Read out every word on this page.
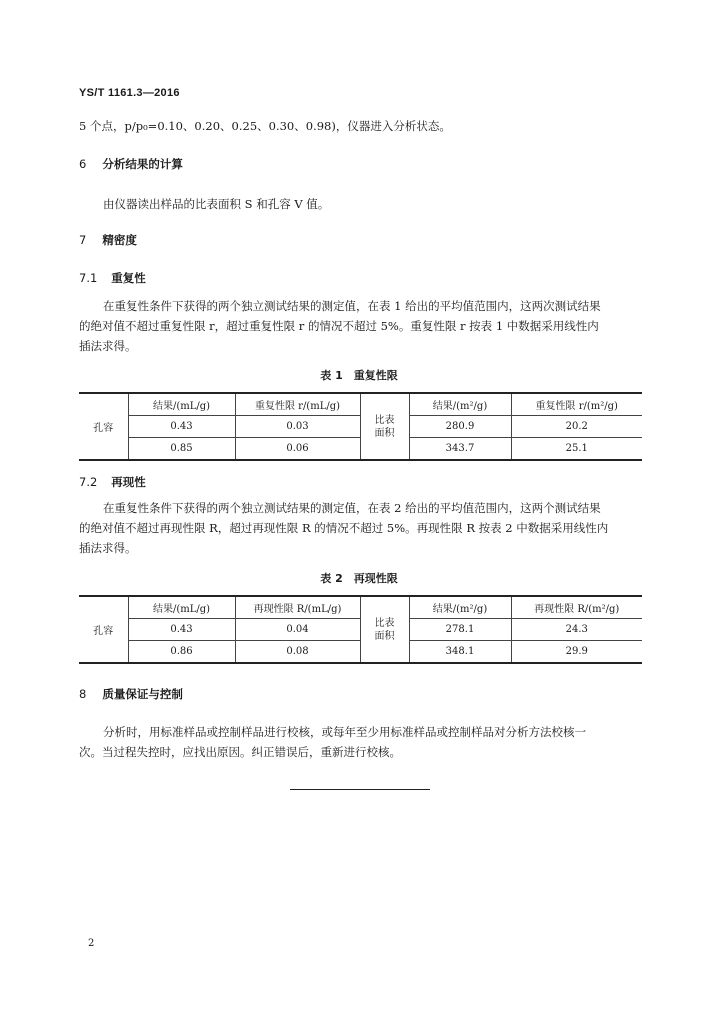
YS/T 1161.3—2016
5 个点，p/p₀=0.10、0.20、0.25、0.30、0.98)，仪器进入分析状态。
6 分析结果的计算
由仪器读出样品的比表面积 S 和孔容 V 值。
7 精密度
7.1 重复性
在重复性条件下获得的两个独立测试结果的测定值，在表 1 给出的平均值范围内，这两次测试结果
的绝对值不超过重复性限 r，超过重复性限 r 的情况不超过 5%。重复性限 r 按表 1 中数据采用线性内
插法求得。
表 1　重复性限
孔容	结果/(mL/g)	重复性限 r/(mL/g)	比表
面积	结果/(m²/g)	重复性限 r/(m²/g)
	0.43	0.03		280.9	20.2
	0.85	0.06		343.7	25.1
7.2 再现性
在重复性条件下获得的两个独立测试结果的测定值，在表 2 给出的平均值范围内，这两个测试结果
的绝对值不超过再现性限 R，超过再现性限 R 的情况不超过 5%。再现性限 R 按表 2 中数据采用线性内
插法求得。
表 2　再现性限
孔容	结果/(mL/g)	再现性限 R/(mL/g)	比表
面积	结果/(m²/g)	再现性限 R/(m²/g)
	0.43	0.04		278.1	24.3
	0.86	0.08		348.1	29.9
8 质量保证与控制
分析时，用标准样品或控制样品进行校核，或每年至少用标准样品或控制样品对分析方法校核一
次。当过程失控时，应找出原因。纠正错误后，重新进行校核。
2
